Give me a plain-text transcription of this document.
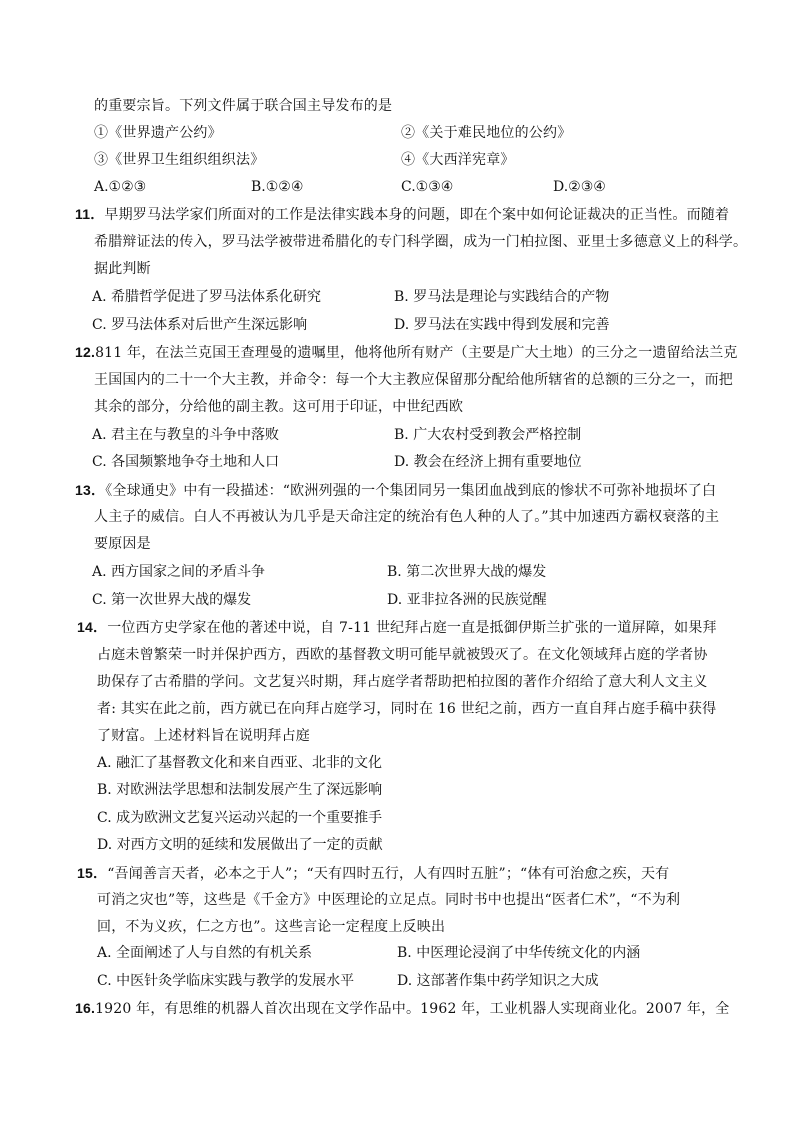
的重要宗旨。下列文件属于联合国主导发布的是
①《世界遗产公约》	②《关于难民地位的公约》
③《世界卫生组织组织法》	④《大西洋宪章》
A.①②③	B.①②④	C.①③④	D.②③④
11．早期罗马法学家们所面对的工作是法律实践本身的问题，即在个案中如何论证裁决的正当性。而随着
希腊辩证法的传入，罗马法学被带进希腊化的专门科学圈，成为一门柏拉图、亚里士多德意义上的科学。
据此判断
A. 希腊哲学促进了罗马法体系化研究	B. 罗马法是理论与实践结合的产物
C. 罗马法体系对后世产生深远影响	D. 罗马法在实践中得到发展和完善
12.811 年，在法兰克国王查理曼的遗嘱里，他将他所有财产（主要是广大土地）的三分之一遗留给法兰克
王国国内的二十一个大主教，并命令：每一个大主教应保留那分配给他所辖省的总额的三分之一，而把
其余的部分，分给他的副主教。这可用于印证，中世纪西欧
A. 君主在与教皇的斗争中落败	B. 广大农村受到教会严格控制
C. 各国频繁地争夺土地和人口	D. 教会在经济上拥有重要地位
13．《全球通史》中有一段描述：“欧洲列强的一个集团同另一集团血战到底的惨状不可弥补地损坏了白
人主子的威信。白人不再被认为几乎是天命注定的统治有色人种的人了。”其中加速西方霸权衰落的主
要原因是
A. 西方国家之间的矛盾斗争	B. 第二次世界大战的爆发
C. 第一次世界大战的爆发	D. 亚非拉各洲的民族觉醒
14．一位西方史学家在他的著述中说，自 7-11 世纪拜占庭一直是抵御伊斯兰扩张的一道屏障，如果拜
占庭未曾繁荣一时并保护西方，西欧的基督教文明可能早就被毁灭了。在文化领域拜占庭的学者协
助保存了古希腊的学问。文艺复兴时期，拜占庭学者帮助把柏拉图的著作介绍给了意大利人文主义
者: 其实在此之前，西方就已在向拜占庭学习，同时在 16 世纪之前，西方一直自拜占庭手稿中获得
了财富。上述材料旨在说明拜占庭
A. 融汇了基督教文化和来自西亚、北非的文化
B. 对欧洲法学思想和法制发展产生了深远影响
C. 成为欧洲文艺复兴运动兴起的一个重要推手
D. 对西方文明的延续和发展做出了一定的贡献
15．“吾闻善言天者，必本之于人”；“天有四时五行，人有四时五脏”；“体有可治愈之疾，天有
可消之灾也”等，这些是《千金方》中医理论的立足点。同时书中也提出“医者仁术”，“不为利
回，不为义疚，仁之方也”。这些言论一定程度上反映出
A. 全面阐述了人与自然的有机关系	B. 中医理论浸润了中华传统文化的内涵
C. 中医针灸学临床实践与教学的发展水平	D. 这部著作集中药学知识之大成
16.1920 年，有思维的机器人首次出现在文学作品中。1962 年，工业机器人实现商业化。2007 年，全
